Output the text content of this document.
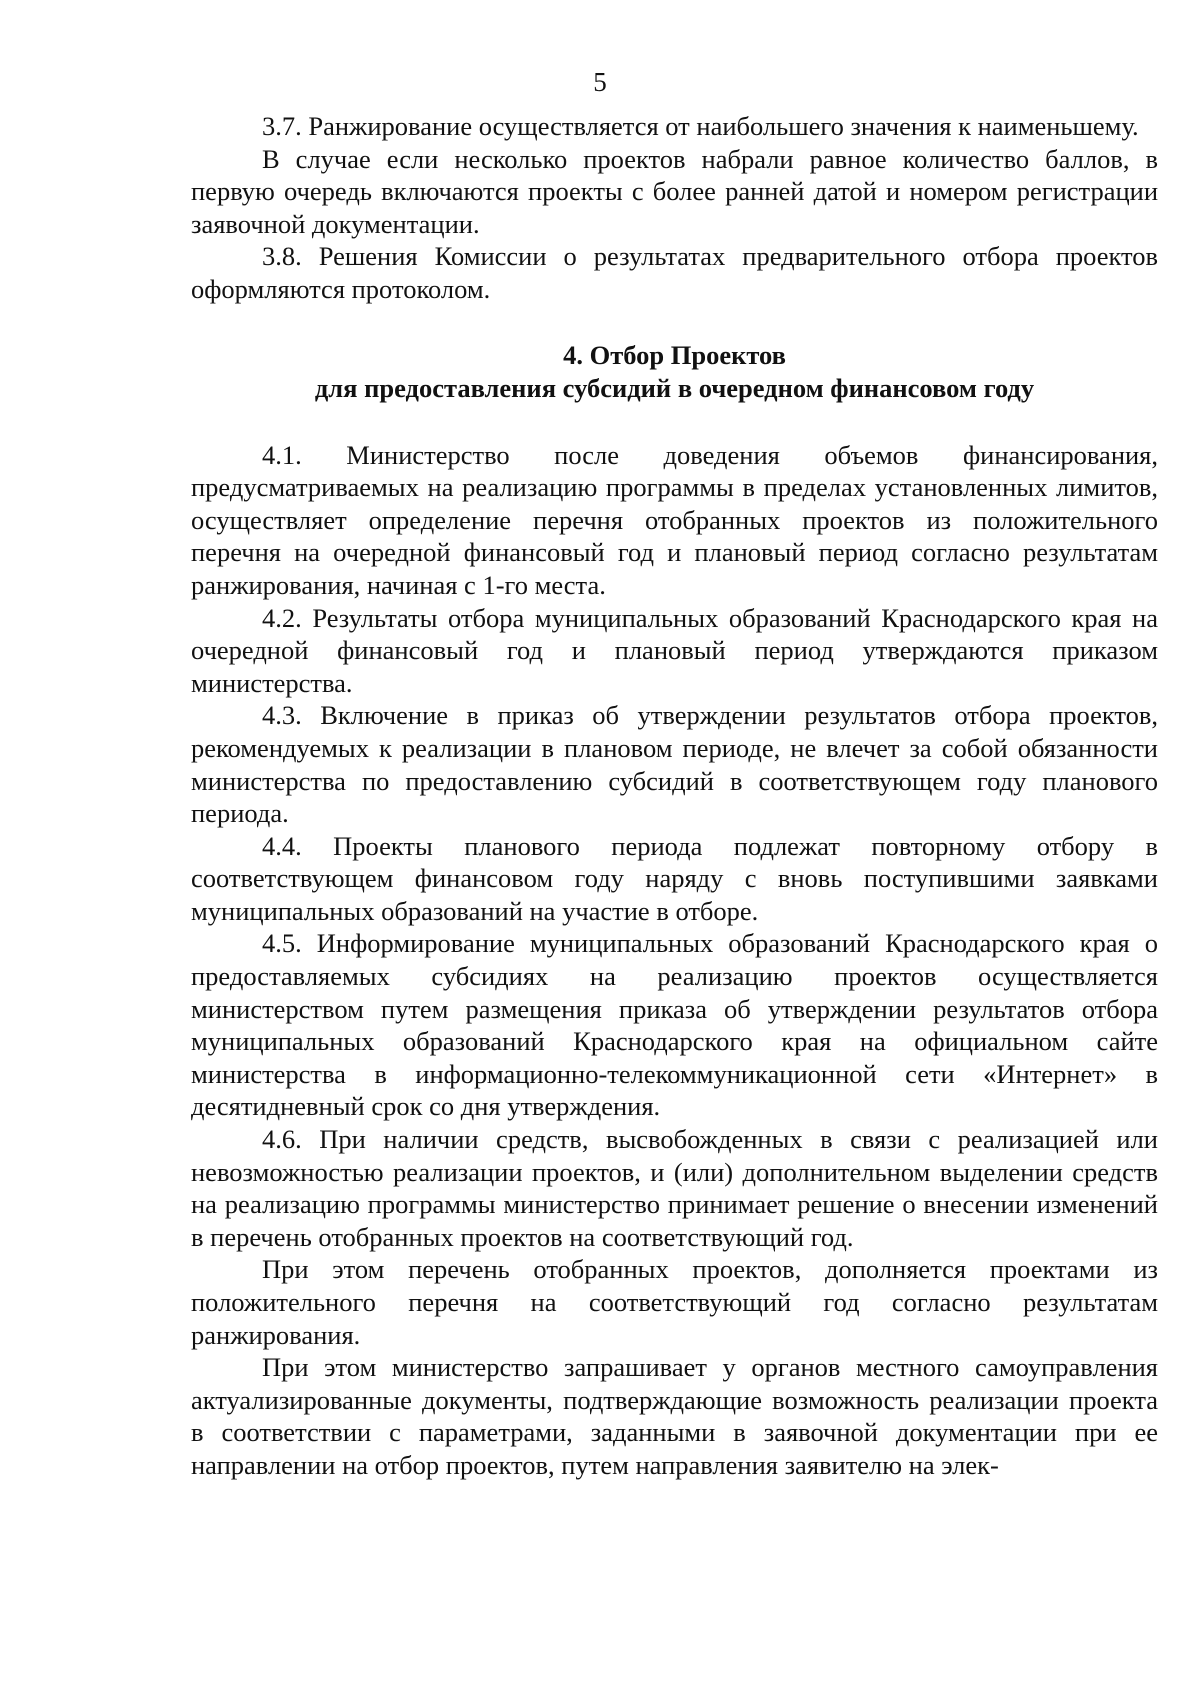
5

3.7. Ранжирование осуществляется от наибольшего значения к наименьшему.

В случае если несколько проектов набрали равное количество баллов, в первую очередь включаются проекты с более ранней датой и номером регистрации заявочной документации.

3.8. Решения Комиссии о результатах предварительного отбора проектов оформляются протоколом.

4. Отбор Проектов
для предоставления субсидий в очередном финансовом году

4.1. Министерство после доведения объемов финансирования, предусматриваемых на реализацию программы в пределах установленных лимитов, осуществляет определение перечня отобранных проектов из положительного перечня на очередной финансовый год и плановый период согласно результатам ранжирования, начиная с 1-го места.

4.2. Результаты отбора муниципальных образований Краснодарского края на очередной финансовый год и плановый период утверждаются приказом министерства.

4.3. Включение в приказ об утверждении результатов отбора проектов, рекомендуемых к реализации в плановом периоде, не влечет за собой обязанности министерства по предоставлению субсидий в соответствующем году планового периода.

4.4. Проекты планового периода подлежат повторному отбору в соответствующем финансовом году наряду с вновь поступившими заявками муниципальных образований на участие в отборе.

4.5. Информирование муниципальных образований Краснодарского края о предоставляемых субсидиях на реализацию проектов осуществляется министерством путем размещения приказа об утверждении результатов отбора муниципальных образований Краснодарского края на официальном сайте министерства в информационно-телекоммуникационной сети «Интернет» в десятидневный срок со дня утверждения.

4.6. При наличии средств, высвобожденных в связи с реализацией или невозможностью реализации проектов, и (или) дополнительном выделении средств на реализацию программы министерство принимает решение о внесении изменений в перечень отобранных проектов на соответствующий год.

При этом перечень отобранных проектов, дополняется проектами из положительного перечня на соответствующий год согласно результатам ранжирования.

При этом министерство запрашивает у органов местного самоуправления актуализированные документы, подтверждающие возможность реализации проекта в соответствии с параметрами, заданными в заявочной документации при ее направлении на отбор проектов, путем направления заявителю на элек-
